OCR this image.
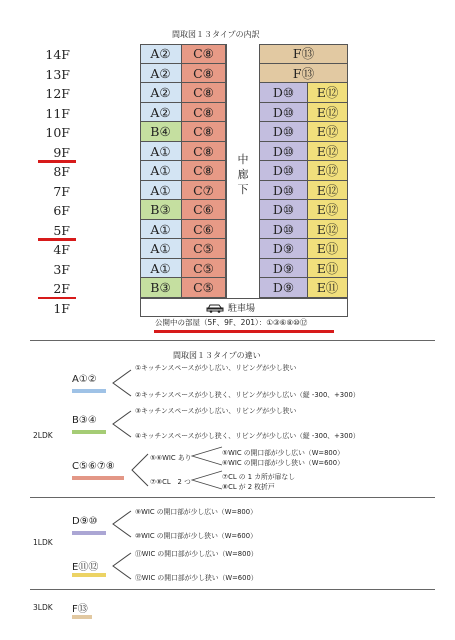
間取図１３タイプの内訳
14F	A②	C⑧	F⑬
13F	A②	C⑧	F⑬
12F	A②	C⑧	D⑩	E⑫
11F	A②	C⑧	D⑩	E⑫
10F	B④	C⑧	D⑩	E⑫
9F	A①	C⑧	D⑩	E⑫
8F	A①	C⑧	D⑩	E⑫
7F	A①	C⑦	D⑩	E⑫
6F	B③	C⑥	D⑩	E⑫
5F	A①	C⑥	D⑩	E⑫
4F	A①	C⑤	D⑨	E⑪
3F	A①	C⑤	D⑨	E⑪
2F	B③	C⑤	D⑨	E⑪
1F
中廊下
駐車場
公開中の部屋（5F、9F、201）：①③⑥⑧⑩⑫
間取図１３タイプの違い
2LDK
A①②
①キッチンスペースが少し広い、リビングが少し狭い
②キッチンスペースが少し狭く、リビングが少し広い（縦 -300、+300）
B③④
③キッチンスペースが少し広い、リビングが少し狭い
④キッチンスペースが少し狭く、リビングが少し広い（縦 -300、+300）
C⑤⑥⑦⑧
⑤⑥WIC あり
⑤WIC の開口部が少し広い（W=800）
⑥WIC の開口部が少し狭い（W=600）
⑦⑧CL　2 つ
⑦CL の 1 カ所が扉なし
⑧CL が 2 枚折戸
1LDK
D⑨⑩
⑨WIC の開口部が少し広い（W=800）
⑩WIC の開口部が少し狭い（W=600）
E⑪⑫
⑪WIC の開口部が少し広い（W=800）
⑫WIC の開口部が少し狭い（W=600）
3LDK F⑬
